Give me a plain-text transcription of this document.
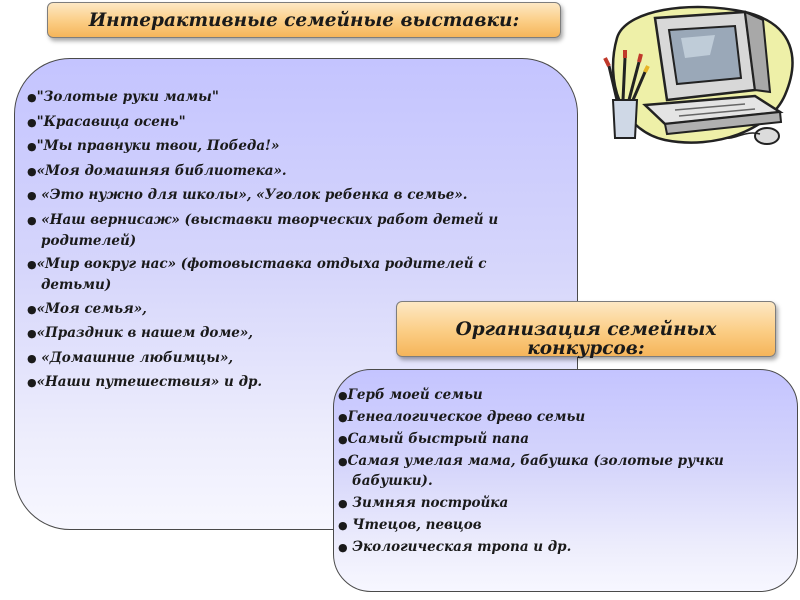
Интерактивные семейные выставки:
●"Золотые руки мамы"
●"Красавица осень"
●"Мы правнуки твои, Победа!»
●«Моя домашняя библиотека».
● «Это нужно для школы», «Уголок ребенка в семье».
● «Наш вернисаж» (выставки творческих работ детей и
родителей)
●«Мир вокруг нас» (фотовыставка отдыха родителей с
детьми)
●«Моя семья»,
●«Праздник в нашем доме»,
● «Домашние любимцы»,
●«Наши путешествия» и др.
Организация семейных конкурсов:
●Герб моей семьи
●Генеалогическое древо семьи
●Самый быстрый папа
●Самая умелая мама, бабушка (золотые ручки
бабушки).
● Зимняя постройка
● Чтецов, певцов
● Экологическая тропа и др.
